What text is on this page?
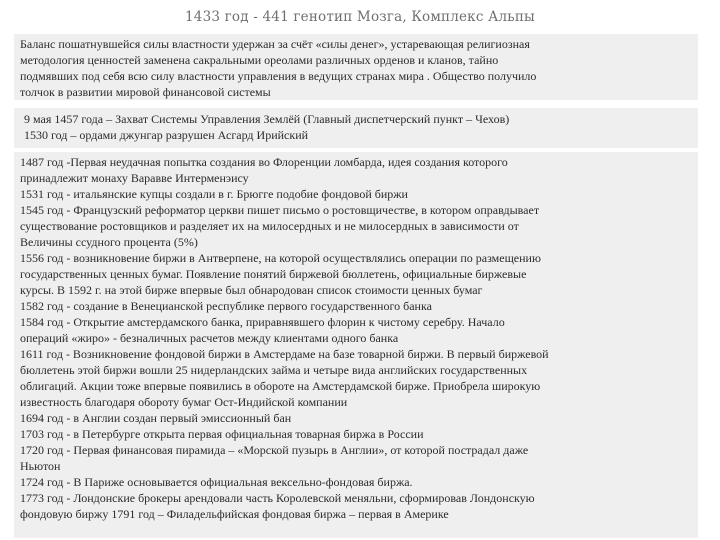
1433 год - 441 генотип Мозга, Комплекс Альпы

Баланс пошатнувшейся силы властности удержан за счёт «силы денег», устаревающая религиозная

методология ценностей заменена сакральными ореолами различных орденов и кланов, тайно

подмявших под себя всю силу властности управления в ведущих странах мира . Общество получило

толчок в развитии мировой финансовой системы

9 мая 1457 года – Захват Системы Управления Землёй (Главный диспетчерский пункт – Чехов)

1530 год – ордами джунгар разрушен Асгард Ирийский

1487 год -Первая неудачная попытка создания во Флоренции ломбарда, идея создания которого

принадлежит монаху Варавве Интерменэису

1531 год - итальянские купцы создали в г. Брюгге подобие фондовой биржи

1545 год - Французский реформатор церкви пишет письмо о ростовщичестве, в котором оправдывает

существование ростовщиков и разделяет их на милосердных и не милосердных в зависимости от

Величины ссудного процента (5%)

1556 год - возникновение биржи в Антверпене, на которой осуществлялись операции по размещению

государственных ценных бумаг. Появление понятий биржевой бюллетень, официальные биржевые

курсы. В 1592 г. на этой бирже впервые был обнародован список стоимости ценных бумаг

1582 год - создание в Венецианской республике первого государственного банка

1584 год - Открытие амстердамского банка, приравнявшего флорин к чистому серебру. Начало

операций «жиро» - безналичных расчетов между клиентами одного банка

1611 год - Возникновение фондовой биржи в Амстердаме на базе товарной биржи. В первый биржевой

бюллетень этой биржи вошли 25 нидерландских займа и четыре вида английских государственных

облигаций. Акции тоже впервые появились в обороте на Амстердамской бирже. Приобрела широкую

известность благодаря обороту бумаг Ост-Индийской компании

1694 год - в Англии создан первый эмиссионный бан

1703 год - в Петербурге открыта первая официальная товарная биржа в России

1720 год - Первая финансовая пирамида – «Морской пузырь в Англии», от которой пострадал даже

Ньютон

1724 год - В Париже основывается официальная вексельно-фондовая биржа.

1773 год - Лондонские брокеры арендовали часть Королевской меняльни, сформировав Лондонскую

фондовую биржу 1791 год – Филадельфийская фондовая биржа – первая в Америке
